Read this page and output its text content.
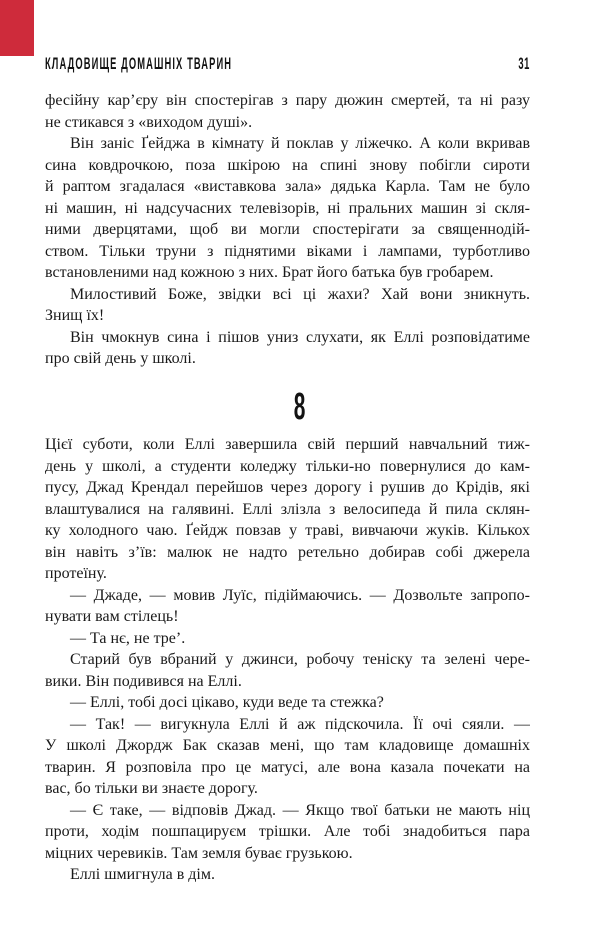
КЛАДОВИЩЕ ДОМАШНІХ ТВАРИН	31
фесійну кар’єру він спостерігав з пару дюжин смертей, та ні разу
не стикався з «виходом душі».
Він заніс Ґейджа в кімнату й поклав у ліжечко. А коли вкривав
сина ковдрочкою, поза шкірою на спині знову побігли сироти
й раптом згадалася «виставкова зала» дядька Карла. Там не було
ні машин, ні надсучасних телевізорів, ні пральних машин зі скля-
ними дверцятами, щоб ви могли спостерігати за священнодій-
ством. Тільки труни з піднятими віками і лампами, турботливо
встановленими над кожною з них. Брат його батька був гробарем.
Милостивий Боже, звідки всі ці жахи? Хай вони зникнуть.
Знищ їх!
Він чмокнув сина і пішов униз слухати, як Еллі розповідатиме
про свій день у школі.
8
Цієї суботи, коли Еллі завершила свій перший навчальний тиж-
день у школі, а студенти коледжу тільки-но повернулися до кам-
пусу, Джад Крендал перейшов через дорогу і рушив до Крідів, які
влаштувалися на галявині. Еллі злізла з велосипеда й пила склян-
ку холодного чаю. Ґейдж повзав у траві, вивчаючи жуків. Кількох
він навіть з’їв: малюк не надто ретельно добирав собі джерела
протеїну.
— Джаде, — мовив Луїс, підіймаючись. — Дозвольте запропо-
нувати вам стілець!
— Та нє, не тре’.
Старий був вбраний у джинси, робочу теніску та зелені чере-
вики. Він подивився на Еллі.
— Еллі, тобі досі цікаво, куди веде та стежка?
— Так! — вигукнула Еллі й аж підскочила. Її очі сяяли. —
У школі Джордж Бак сказав мені, що там кладовище домашніх
тварин. Я розповіла про це матусі, але вона казала почекати на
вас, бо тільки ви знаєте дорогу.
— Є таке, — відповів Джад. — Якщо твої батьки не мають ніц
проти, ходім пошпацируєм трішки. Але тобі знадобиться пара
міцних черевиків. Там земля буває грузькою.
Еллі шмигнула в дім.
